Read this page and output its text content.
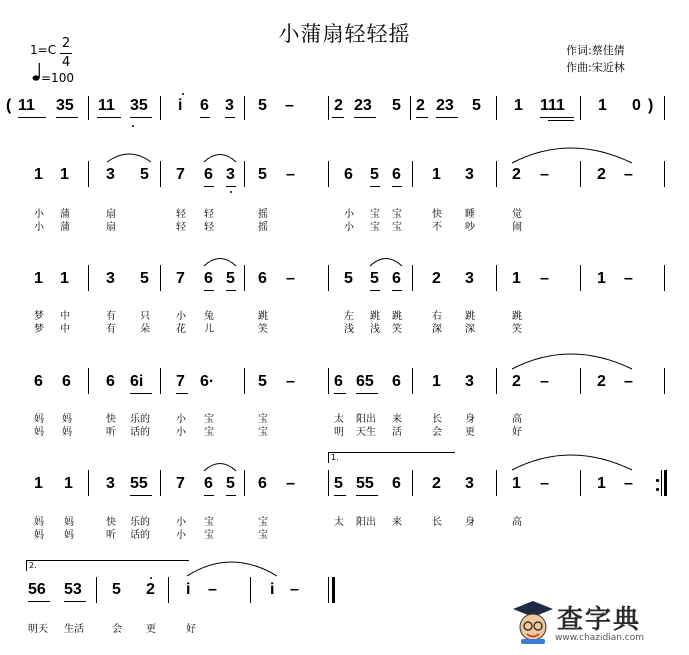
小蒲扇轻轻摇
作词:蔡佳倩
作曲:宋近林
1=C 2
4
=100
( 11 35 11 35 i 6 3 5 –	2 23 5 2 23 5 1 111 1 0 )
1 1 3 5 7 6 3 5 –	6 5 6 1 3 2 –	2 –
小 蒲	扇	轻 轻	摇	小 宝 宝	快 睡	觉
小 蒲	扇	轻 轻	摇	小 宝 宝	不 吵	闹
1 1 3 5 7 6 5 6 –	5 5 6 2 3 1 –	1 –
梦 中	有 只	小 兔	跳	左 跳 跳	右 跳	跳
梦 中	有 朵	花 儿	笑	浅 浅 笑	深 深	笑
6 6 6 6i 7 6·	5 – 6 65 6 1 3 2 –	2 –
妈 妈	快 乐的	小 宝	宝	太 阳出 来	长 身	高
妈 妈	听 话的	小 宝	宝	明 天生 活	会 更	好
1.
1 1 3 55 7 6 5 6 – 5 55 6 2 3 1 –	1 –
妈 妈	快 乐的	小 宝	宝	太 阳出 来	长 身	高
妈 妈	听 话的	小 宝	宝
2.
56 53 5 2 i –	i –
明天 生活	会 更	好	查字典
www.chazidian.com
